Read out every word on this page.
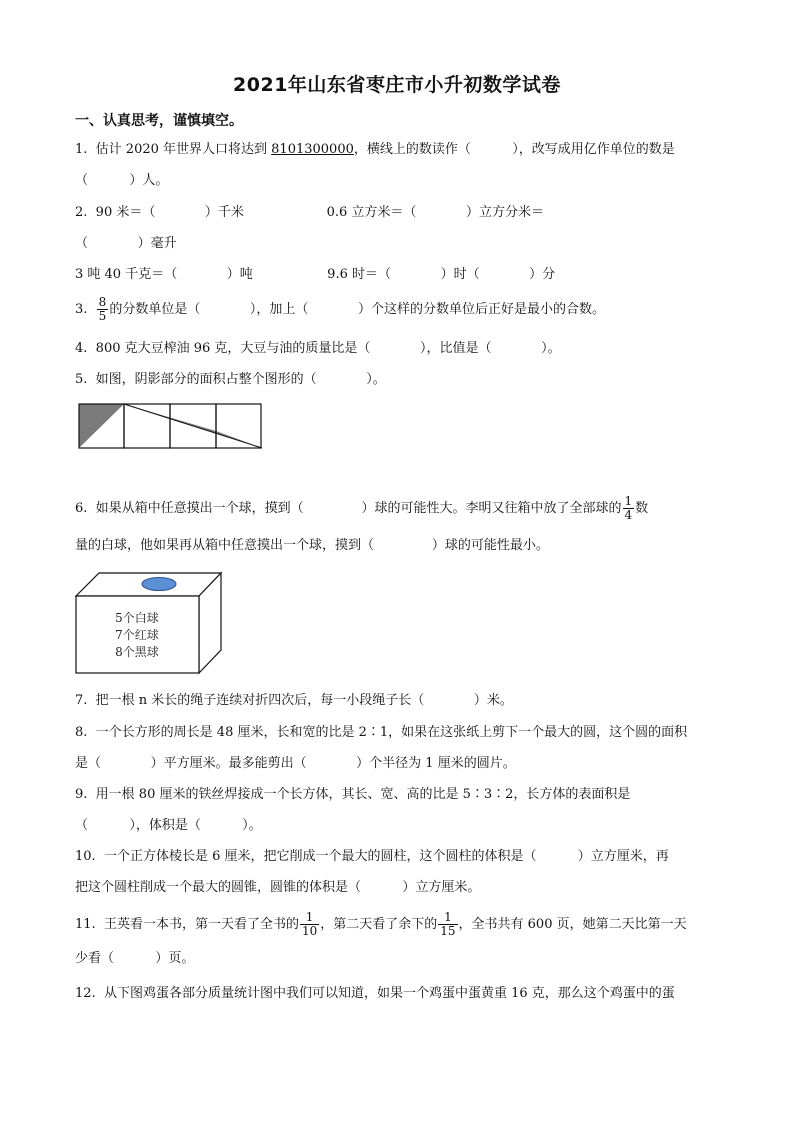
2021年山东省枣庄市小升初数学试卷
一、认真思考，谨慎填空。
1.  估计 2020 年世界人口将达到 8101300000，横线上的数读作（          ），改写成用亿作单位的数是
（          ）人。
2.  90 米＝（            ）千米                    0.6 立方米＝（            ）立方分米＝
（            ）毫升
3 吨 40 千克＝（            ）吨                  9.6 时＝（            ）时（            ）分
3. $\frac{8}{5}$ 的分数单位是（            ），加上（            ）个这样的分数单位后正好是最小的合数。
4.  800 克大豆榨油 96 克，大豆与油的质量比是（            ），比值是（            ）。
5.  如图，阴影部分的面积占整个图形的（            ）。
6.  如果从箱中任意摸出一个球，摸到（              ）球的可能性大。李明又往箱中放了全部球的 $\frac{1}{4}$ 数
量的白球，他如果再从箱中任意摸出一个球，摸到（              ）球的可能性最小。
5个白球
7个红球
8个黑球
7.  把一根 n 米长的绳子连续对折四次后，每一小段绳子长（            ）米。
8.  一个长方形的周长是 48 厘米，长和宽的比是 2∶1，如果在这张纸上剪下一个最大的圆，这个圆的面积
是（            ）平方厘米。最多能剪出（            ）个半径为 1 厘米的圆片。
9.  用一根 80 厘米的铁丝焊接成一个长方体，其长、宽、高的比是 5∶3∶2，长方体的表面积是
（          ），体积是（          ）。
10.  一个正方体棱长是 6 厘米，把它削成一个最大的圆柱，这个圆柱的体积是（          ）立方厘米，再
把这个圆柱削成一个最大的圆锥，圆锥的体积是（          ）立方厘米。
11.  王英看一本书，第一天看了全书的 $\frac{1}{10}$ ，第二天看了余下的 $\frac{1}{15}$ ，全书共有 600 页，她第二天比第一天
少看（          ）页。
12.  从下图鸡蛋各部分质量统计图中我们可以知道，如果一个鸡蛋中蛋黄重 16 克，那么这个鸡蛋中的蛋
